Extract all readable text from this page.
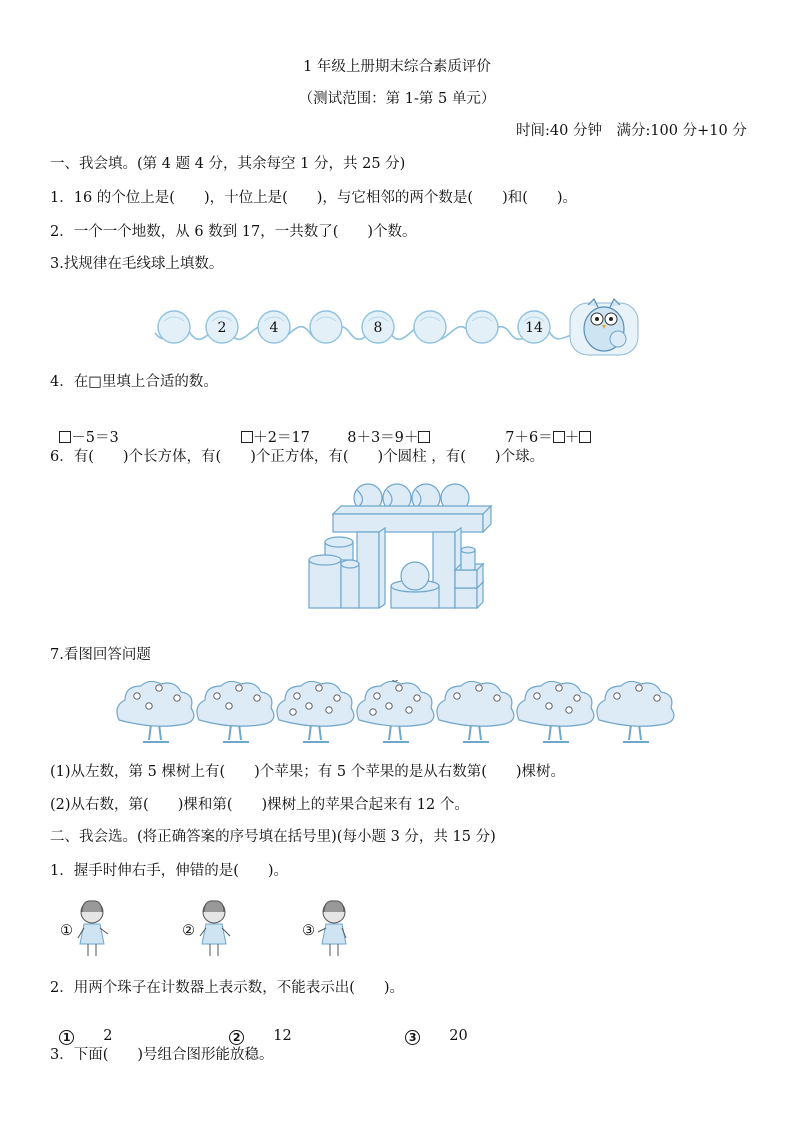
1 年级上册期末综合素质评价
（测试范围：第 1-第 5 单元）
时间:40 分钟　满分:100 分+10 分
一、我会填。(第 4 题 4 分，其余每空 1 分，共 25 分)
1．16 的个位上是(　　)，十位上是(　　)，与它相邻的两个数是(　　)和(　　)。
2．一个一个地数，从 6 数到 17，一共数了(　　)个数。
3.找规律在毛线球上填数。
2	4	8	14
4．在□里填上合适的数。

－5＝3	＋2＝17	8＋3＝9＋	7＋6＝ ＋

6．有(　　)个长方体，有(　　)个正方体，有(　　)个圆柱 ，有(　　)个球。
7.看图回答问题
(1)从左数，第 5 棵树上有(　　)个苹果；有 5 个苹果的是从右数第(　　)棵树。
(2)从右数，第(　　)棵和第(　　)棵树上的苹果合起来有 12 个。
二、我会选。(将正确答案的序号填在括号里)(每小题 3 分，共 15 分)
1．握手时伸右手，伸错的是(　　)。
①	②	③
2．用两个珠子在计数器上表示数，不能表示出(　　)。

1　　 2	2　　 12	3　　 20

3．下面(　　)号组合图形能放稳。
